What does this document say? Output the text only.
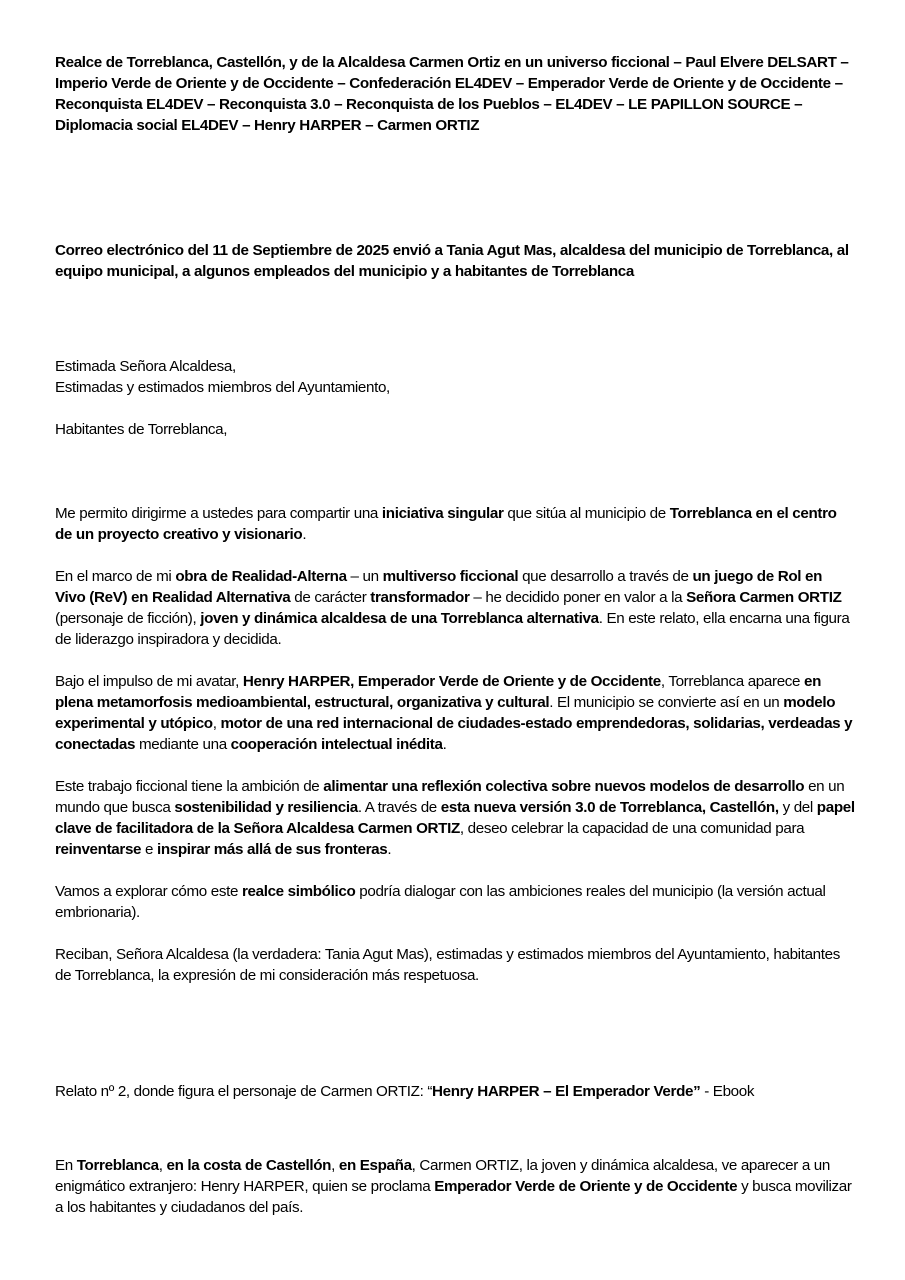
Realce de Torreblanca, Castellón, y de la Alcaldesa Carmen Ortiz en un universo ficcional – Paul Elvere DELSART – Imperio Verde de Oriente y de Occidente – Confederación EL4DEV – Emperador Verde de Oriente y de Occidente – Reconquista EL4DEV – Reconquista 3.0 – Reconquista de los Pueblos – EL4DEV – LE PAPILLON SOURCE – Diplomacia social EL4DEV – Henry HARPER – Carmen ORTIZ

Correo electrónico del 11 de Septiembre de 2025 envió a Tania Agut Mas, alcaldesa del municipio de Torreblanca, al equipo municipal, a algunos empleados del municipio y a habitantes de Torreblanca

Estimada Señora Alcaldesa,

Estimadas y estimados miembros del Ayuntamiento,

Habitantes de Torreblanca,

Me permito dirigirme a ustedes para compartir una iniciativa singular que sitúa al municipio de Torreblanca en el centro de un proyecto creativo y visionario.

En el marco de mi obra de Realidad-Alterna – un multiverso ficcional que desarrollo a través de un juego de Rol en Vivo (ReV) en Realidad Alternativa de carácter transformador – he decidido poner en valor a la Señora Carmen ORTIZ (personaje de ficción), joven y dinámica alcaldesa de una Torreblanca alternativa. En este relato, ella encarna una figura de liderazgo inspiradora y decidida.

Bajo el impulso de mi avatar, Henry HARPER, Emperador Verde de Oriente y de Occidente, Torreblanca aparece en plena metamorfosis medioambiental, estructural, organizativa y cultural. El municipio se convierte así en un modelo experimental y utópico, motor de una red internacional de ciudades-estado emprendedoras, solidarias, verdeadas y conectadas mediante una cooperación intelectual inédita.

Este trabajo ficcional tiene la ambición de alimentar una reflexión colectiva sobre nuevos modelos de desarrollo en un mundo que busca sostenibilidad y resiliencia. A través de esta nueva versión 3.0 de Torreblanca, Castellón, y del papel clave de facilitadora de la Señora Alcaldesa Carmen ORTIZ, deseo celebrar la capacidad de una comunidad para reinventarse e inspirar más allá de sus fronteras.

Vamos a explorar cómo este realce simbólico podría dialogar con las ambiciones reales del municipio (la versión actual embrionaria).

Reciban, Señora Alcaldesa (la verdadera: Tania Agut Mas), estimadas y estimados miembros del Ayuntamiento, habitantes de Torreblanca, la expresión de mi consideración más respetuosa.

Relato nº 2, donde figura el personaje de Carmen ORTIZ: “Henry HARPER – El Emperador Verde” - Ebook

En Torreblanca, en la costa de Castellón, en España, Carmen ORTIZ, la joven y dinámica alcaldesa, ve aparecer a un enigmático extranjero: Henry HARPER, quien se proclama Emperador Verde de Oriente y de Occidente y busca movilizar a los habitantes y ciudadanos del país.
